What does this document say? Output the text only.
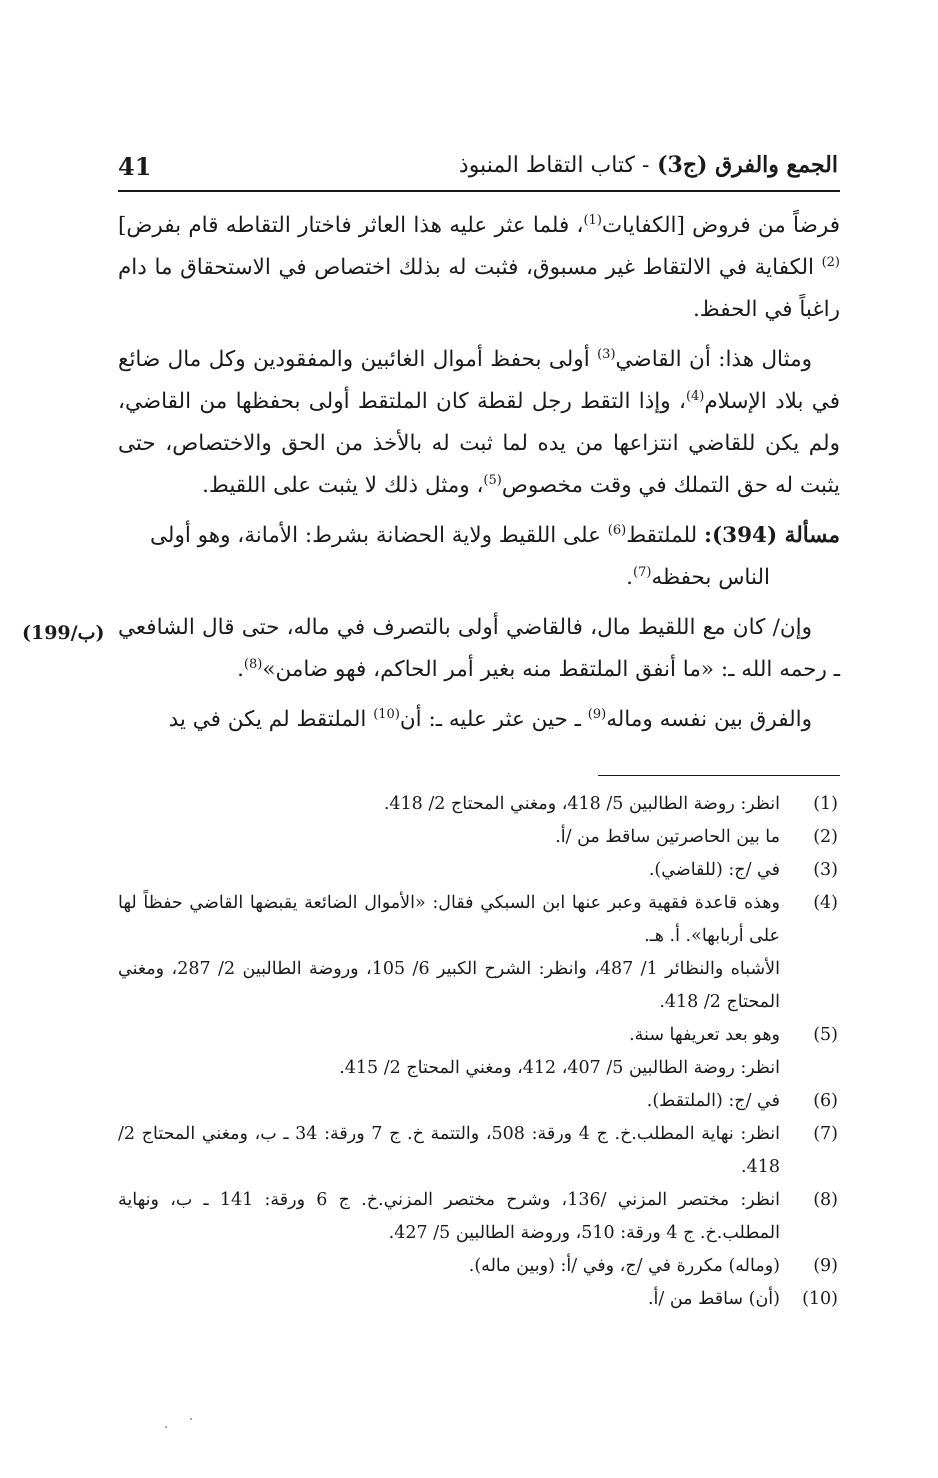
الجمع والفرق (ج3) - كتاب التقاط المنبوذ
41
(199/ب)

فرضاً من فروض [الكفايات$^{(1)}$، فلما عثر عليه هذا العاثر فاختار التقاطه قام بفرض]$^{(2)}$ الكفاية في الالتقاط غير مسبوق، فثبت له بذلك اختصاص في الاستحقاق ما دام راغباً في الحفظ.

ومثال هذا: أن القاضي$^{(3)}$ أولى بحفظ أموال الغائبين والمفقودين وكل مال ضائع في بلاد الإسلام$^{(4)}$، وإذا التقط رجل لقطة كان الملتقط أولى بحفظها من القاضي، ولم يكن للقاضي انتزاعها من يده لما ثبت له بالأخذ من الحق والاختصاص، حتى يثبت له حق التملك في وقت مخصوص$^{(5)}$، ومثل ذلك لا يثبت على اللقيط.

مسألة (394): للملتقط$^{(6)}$ على اللقيط ولاية الحضانة بشرط: الأمانة، وهو أولى
الناس بحفظه$^{(7)}$.

وإن/ كان مع اللقيط مال، فالقاضي أولى بالتصرف في ماله، حتى قال الشافعي ـ رحمه الله ـ: «ما أنفق الملتقط منه بغير أمر الحاكم، فهو ضامن»$^{(8)}$.

والفرق بين نفسه وماله$^{(9)}$ ـ حين عثر عليه ـ: أن$^{(10)}$ الملتقط لم يكن في يد

(1)
انظر: روضة الطالبين 5/ 418، ومغني المحتاج 2/ 418.
(2)
ما بين الحاصرتين ساقط من /أ.
(3)
في /ج: (للقاضي).
(4)
وهذه قاعدة فقهية وعبر عنها ابن السبكي فقال: «الأموال الضائعة يقبضها القاضي حفظاً لها على أربابها». أ. هـ.
الأشباه والنظائر 1/ 487، وانظر: الشرح الكبير 6/ 105، وروضة الطالبين 2/ 287، ومغني المحتاج 2/ 418.
(5)
وهو بعد تعريفها سنة.
انظر: روضة الطالبين 5/ 407، 412، ومغني المحتاج 2/ 415.
(6)
في /ج: (الملتقط).
(7)
انظر: نهاية المطلب.خ. ج 4 ورقة: 508، والتتمة خ. ج 7 ورقة: 34 ـ ب، ومغني المحتاج 2/ 418.
(8)
انظر: مختصر المزني /136، وشرح مختصر المزني.خ. ج 6 ورقة: 141 ـ ب، ونهاية المطلب.خ. ج 4 ورقة: 510، وروضة الطالبين 5/ 427.
(9)
(وماله) مكررة في /ج، وفي /أ: (وبين ماله).
(10)
(أن) ساقط من /أ.
